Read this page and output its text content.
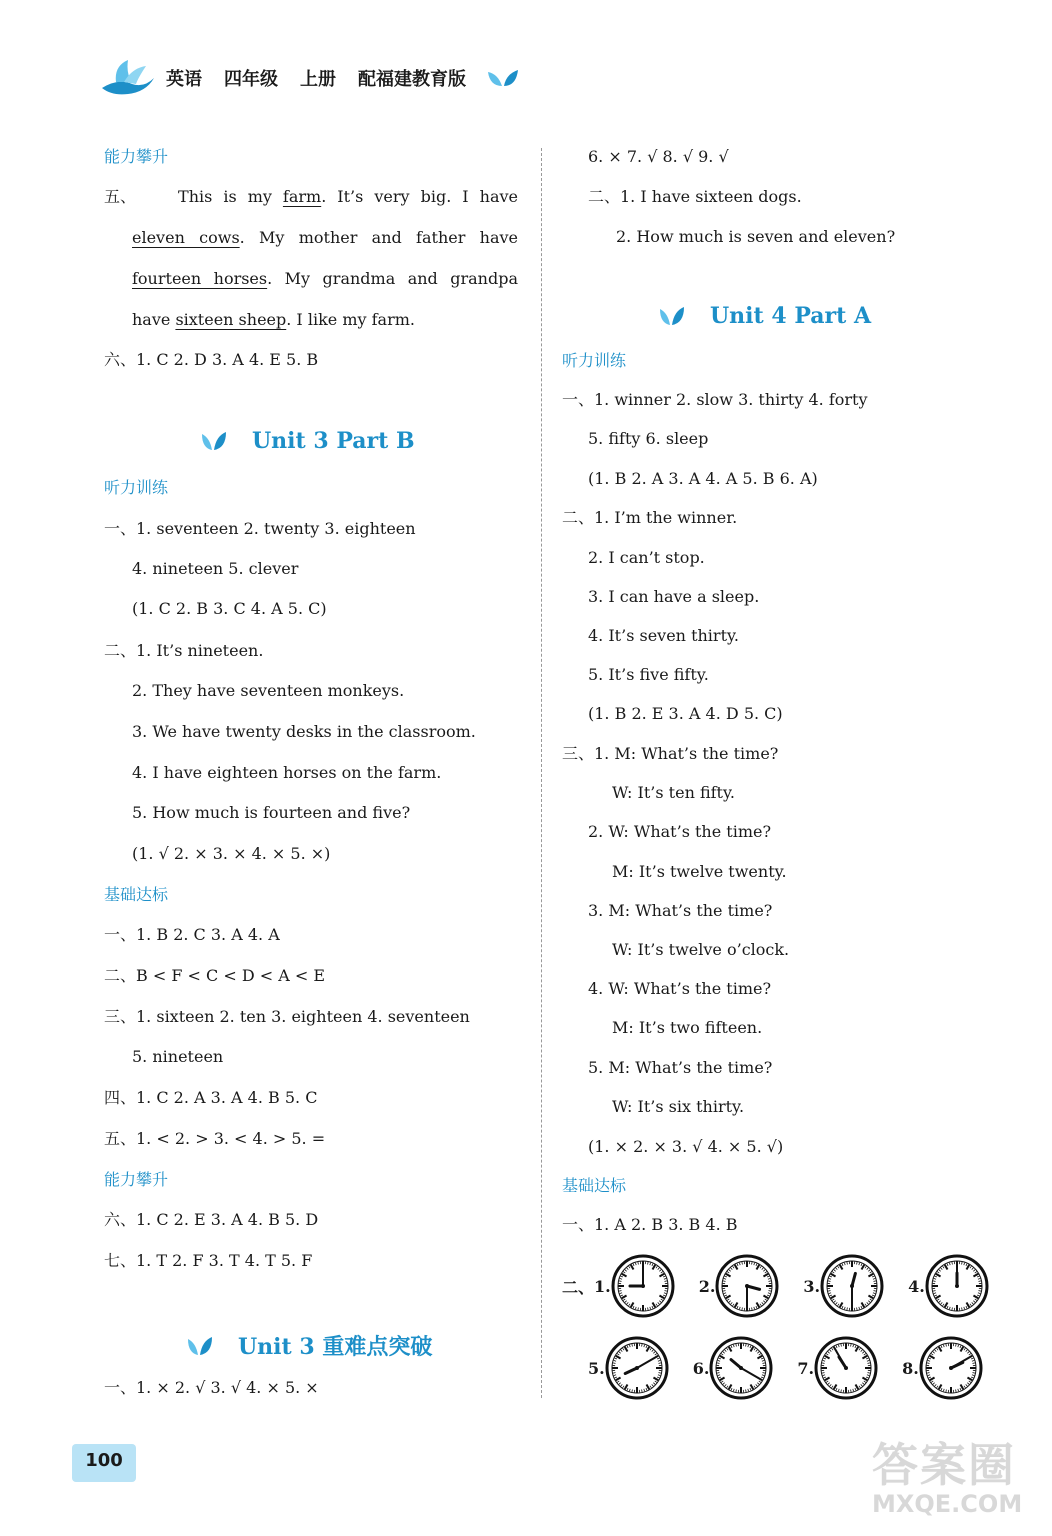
英语 四年级 上册 配福建教育版
能力攀升
五、	This is my farm. It’s very big. I have
eleven cows. My mother and father have
fourteen horses. My grandma and grandpa
have sixteen sheep. I like my farm.
六、1. C 2. D 3. A 4. E 5. B
Unit 3 Part B
听力训练
一、1. seventeen 2. twenty 3. eighteen
4. nineteen 5. clever
(1. C 2. B 3. C 4. A 5. C)
二、1. It’s nineteen.
2. They have seventeen monkeys.
3. We have twenty desks in the classroom.
4. I have eighteen horses on the farm.
5. How much is fourteen and five?
(1. √ 2. × 3. × 4. × 5. ×)
基础达标
一、1. B 2. C 3. A 4. A
二、B < F < C < D < A < E
三、1. sixteen 2. ten 3. eighteen 4. seventeen
5. nineteen
四、1. C 2. A 3. A 4. B 5. C
五、1. < 2. > 3. < 4. > 5. =
能力攀升
六、1. C 2. E 3. A 4. B 5. D
七、1. T 2. F 3. T 4. T 5. F
Unit 3 重难点突破
一、1. × 2. √ 3. √ 4. × 5. ×
6. × 7. √ 8. √ 9. √
二、1. I have sixteen dogs.
2. How much is seven and eleven?
Unit 4 Part A
听力训练
一、1. winner 2. slow 3. thirty 4. forty
5. fifty 6. sleep
(1. B 2. A 3. A 4. A 5. B 6. A)
二、1. I’m the winner.
2. I can’t stop.
3. I can have a sleep.
4. It’s seven thirty.
5. It’s five fifty.
(1. B 2. E 3. A 4. D 5. C)
三、1. M: What’s the time?
W: It’s ten fifty.
2. W: What’s the time?
M: It’s twelve twenty.
3. M: What’s the time?
W: It’s twelve o’clock.
4. W: What’s the time?
M: It’s two fifteen.
5. M: What’s the time?
W: It’s six thirty.
(1. × 2. × 3. √ 4. × 5. √)
基础达标
一、1. A 2. B 3. B 4. B
二、 1.	2.	3.	4.
5.	6.	7.	8.
100	答案圈
MXQE.COM
